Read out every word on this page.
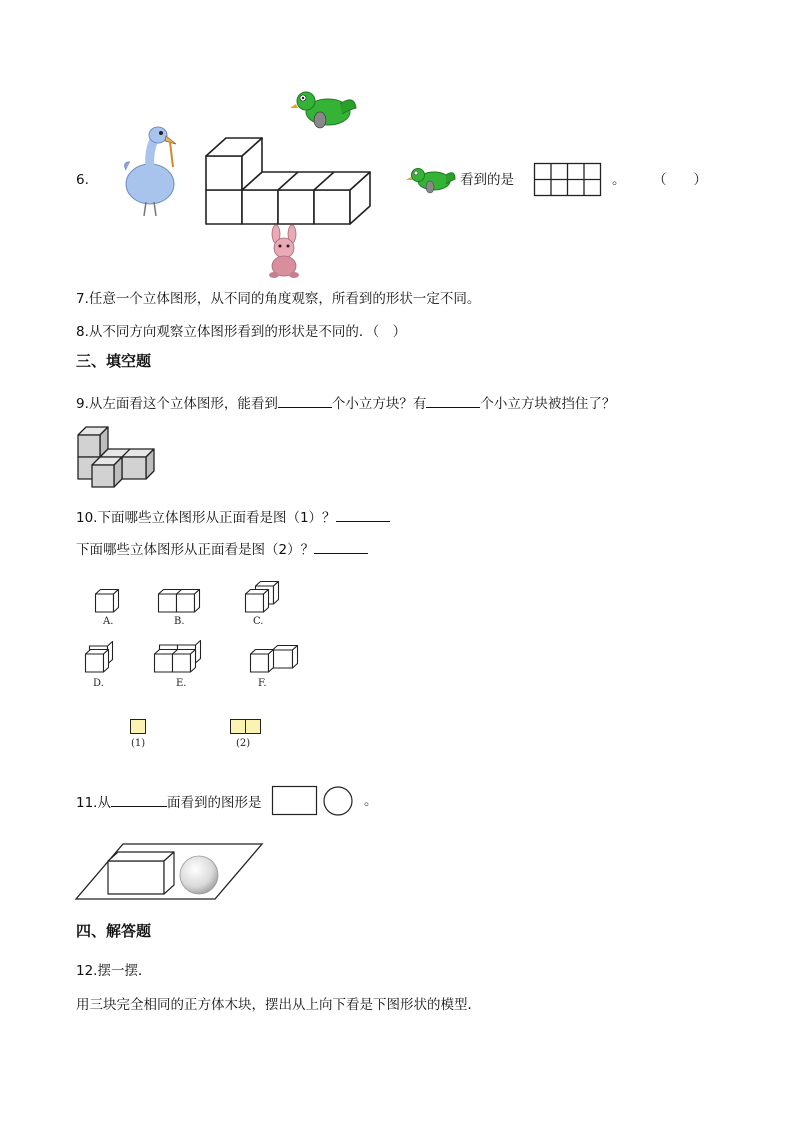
6.	看到的是	。 （　　）
7.任意一个立体图形，从不同的角度观察，所看到的形状一定不同。
8.从不同方向观察立体图形看到的形状是不同的．（　）
三、填空题
9.从左面看这个立体图形，能看到	个小立方块？有	个小立方块被挡住了？
10.下面哪些立体图形从正面看是图（1）？
下面哪些立体图形从正面看是图（2）？
A.	B.	C.
D.	E.	F.
(1)	(2)
11.从	面看到的图形是	。
四、解答题
12.摆一摆．
用三块完全相同的正方体木块，摆出从上向下看是下图形状的模型．
